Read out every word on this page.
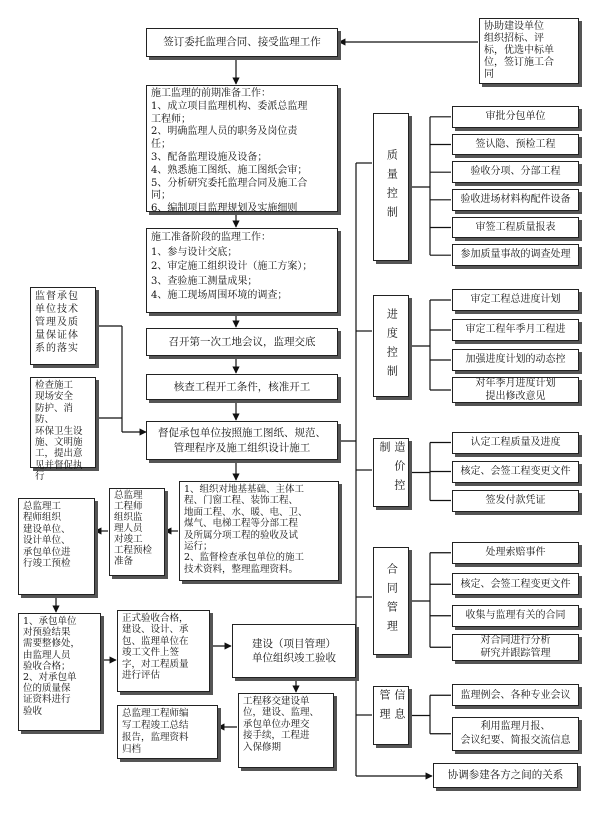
签订委托监理合同、接受监理工作
施工监理的前期准备工作：
1、成立项目监理机构、委派总监理
工程师；
2、明确监理人员的职务及岗位责
任；
3、配备监理设施及设备；
4、熟悉施工图纸、施工图纸会审；
5、分析研究委托监理合同及施工合
同；
6、编制项目监理规划及实施细则
施工准备阶段的监理工作：
1、参与设计交底；
2、审定施工组织设计（施工方案）；
3、查验施工测量成果；
4、施工现场周围环境的调查；
召开第一次工地会议，监理交底
核查工程开工条件，核准开工
督促承包单位按照施工图纸、规范、
管理程序及施工组织设计施工
协助建设单位
组织招标、评
标，优选中标单
位，签订施工合
同
监督承包
单位技术
管理及质
量保证体
系的落实
检查施工
现场安全
防护、消防、
环保卫生设
施、文明施
工，提出意
见并督促执行
1、组织对地基基础、主体工
程、门窗工程、装饰工程、
地面工程、水、暖、电、卫、
煤气、电梯工程等分部工程
及所属分项工程的验收及试
运行；
2、监督检查承包单位的施工
技术资料，整理监理资料。
总监理
工程师
组织监
理人员
对竣工
工程预检
准备
总监理工
程师组织
建设单位、
设计单位、
承包单位进
行竣工预检
1、承包单位
对预验结果
需要整修处，
由监理人员
验收合格；
2、对承包单
位的质量保
证资料进行
验收
正式验收合格，
建设、设计、承
包、监理单位在
竣工文件上签
字，对工程质量
进行评估
建设（项目管理）
单位组织竣工验收
工程移交建设单
位，建设、监理、
承包单位办理交
接手续，工程进
入保修期
总监理工程师编
写工程竣工总结
报告，监理资料
归档
质量控制
审批分包单位
签认隐、预检工程
验收分项、分部工程
验收进场材料构配件设备
审签工程质量报表
参加质量事故的调查处理
进度控制
审定工程总进度计划
审定工程年季月工程进
加强进度计划的动态控
对年季月进度计划
提出修改意见
造价控制	认定工程质量及进度
核定、会签工程变更文件
签发付款凭证
合同管理
处理索赔事件
核定、会签工程变更文件
收集与监理有关的合同
对合同进行分析
研究并跟踪管理
信息管理	监理例会、各种专业会议
利用监理月报、
会议纪要、简报交流信息
协调参建各方之间的关系
